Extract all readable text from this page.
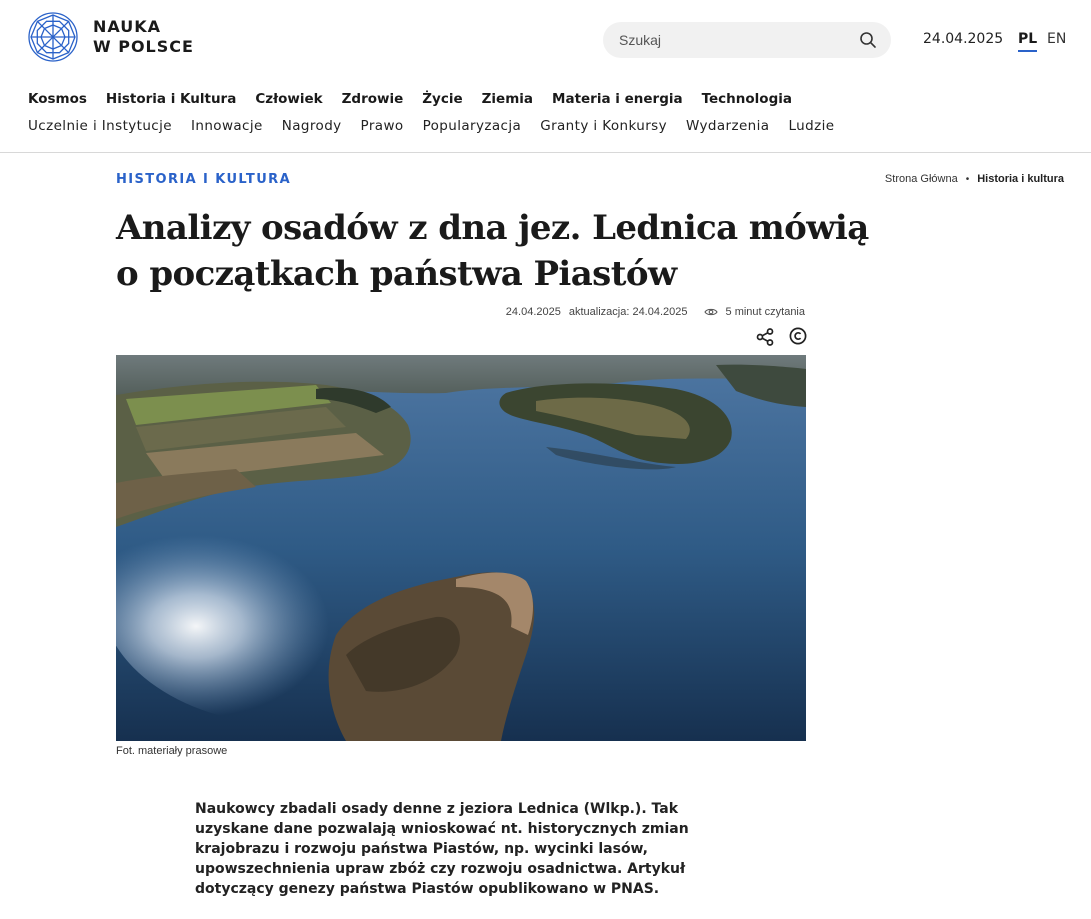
NAUKA
W POLSCE
Szukaj	24.04.2025 PL EN
Kosmos Historia i Kultura Człowiek Zdrowie Życie Ziemia Materia i energia Technologia
Uczelnie i Instytucje Innowacje Nagrody Prawo Popularyzacja Granty i Konkursy Wydarzenia Ludzie
HISTORIA I KULTURA	Strona Główna • Historia i kultura
Analizy osadów z dna jez. Lednica mówią o początkach państwa Piastów
24.04.2025 aktualizacja: 24.04.2025	5 minut czytania
Fot. materiały prasowe

Naukowcy zbadali osady denne z jeziora Lednica (Wlkp.). Tak uzyskane dane pozwalają wnioskować nt. historycznych zmian krajobrazu i rozwoju państwa Piastów, np. wycinki lasów, upowszechnienia upraw zbóż czy rozwoju osadnictwa. Artykuł dotyczący genezy państwa Piastów opublikowano w PNAS.
